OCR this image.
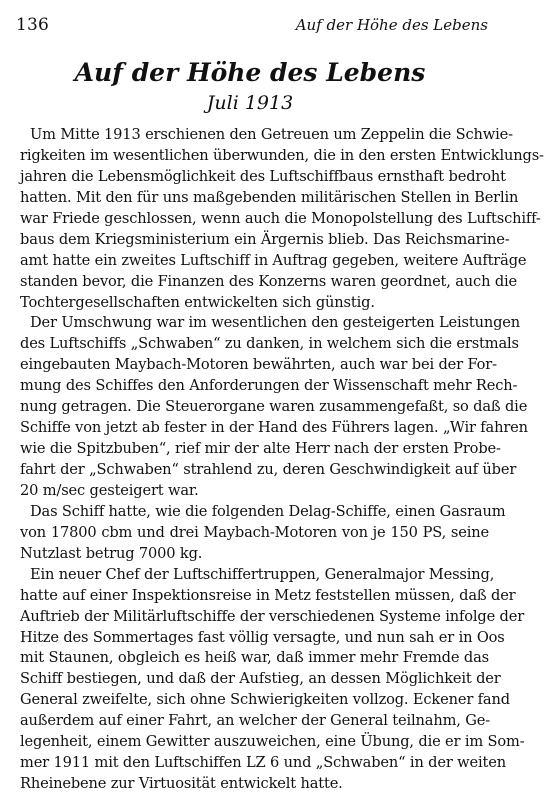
136	Auf der Höhe des Lebens
Auf der Höhe des Lebens
Juli 1913
Um Mitte 1913 erschienen den Getreuen um Zeppelin die Schwie-
rigkeiten im wesentlichen überwunden, die in den ersten Entwicklungs-
jahren die Lebensmöglichkeit des Luftschiffbaus ernsthaft bedroht
hatten. Mit den für uns maßgebenden militärischen Stellen in Berlin
war Friede geschlossen, wenn auch die Monopolstellung des Luftschiff-
baus dem Kriegsministerium ein Ärgernis blieb. Das Reichsmarine-
amt hatte ein zweites Luftschiff in Auftrag gegeben, weitere Aufträge
standen bevor, die Finanzen des Konzerns waren geordnet, auch die
Tochtergesellschaften entwickelten sich günstig.
Der Umschwung war im wesentlichen den gesteigerten Leistungen
des Luftschiffs „Schwaben“ zu danken, in welchem sich die erstmals
eingebauten Maybach-Motoren bewährten, auch war bei der For-
mung des Schiffes den Anforderungen der Wissenschaft mehr Rech-
nung getragen. Die Steuerorgane waren zusammengefaßt, so daß die
Schiffe von jetzt ab fester in der Hand des Führers lagen. „Wir fahren
wie die Spitzbuben“, rief mir der alte Herr nach der ersten Probe-
fahrt der „Schwaben“ strahlend zu, deren Geschwindigkeit auf über
20 m/sec gesteigert war.
Das Schiff hatte, wie die folgenden Delag-Schiffe, einen Gasraum
von 17800 cbm und drei Maybach-Motoren von je 150 PS, seine
Nutzlast betrug 7000 kg.
Ein neuer Chef der Luftschiffertruppen, Generalmajor Messing,
hatte auf einer Inspektionsreise in Metz feststellen müssen, daß der
Auftrieb der Militärluftschiffe der verschiedenen Systeme infolge der
Hitze des Sommertages fast völlig versagte, und nun sah er in Oos
mit Staunen, obgleich es heiß war, daß immer mehr Fremde das
Schiff bestiegen, und daß der Aufstieg, an dessen Möglichkeit der
General zweifelte, sich ohne Schwierigkeiten vollzog. Eckener fand
außerdem auf einer Fahrt, an welcher der General teilnahm, Ge-
legenheit, einem Gewitter auszuweichen, eine Übung, die er im Som-
mer 1911 mit den Luftschiffen LZ 6 und „Schwaben“ in der weiten
Rheinebene zur Virtuosität entwickelt hatte.
